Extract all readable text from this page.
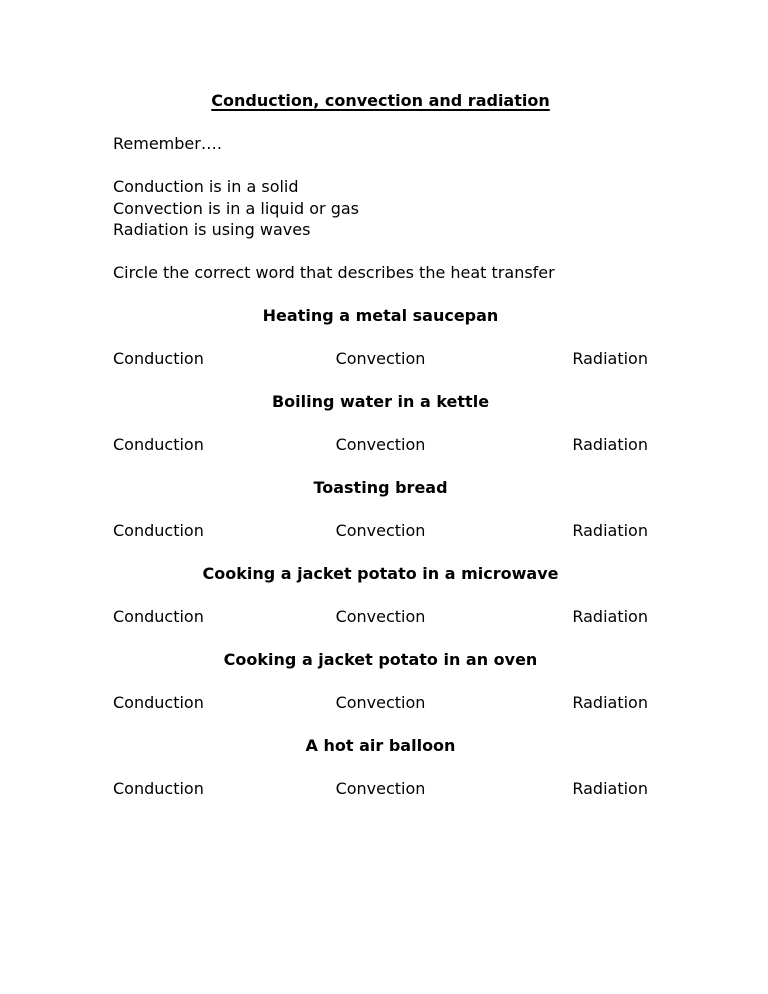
Conduction, convection and radiation

Remember….

Conduction is in a solid

Convection is in a liquid or gas

Radiation is using waves

Circle the correct word that describes the heat transfer

Heating a metal saucepan
Conduction	Convection	Radiation
Boiling water in a kettle
Conduction	Convection	Radiation
Toasting bread
Conduction	Convection	Radiation
Cooking a jacket potato in a microwave
Conduction	Convection	Radiation
Cooking a jacket potato in an oven
Conduction	Convection	Radiation
A hot air balloon
Conduction	Convection	Radiation
